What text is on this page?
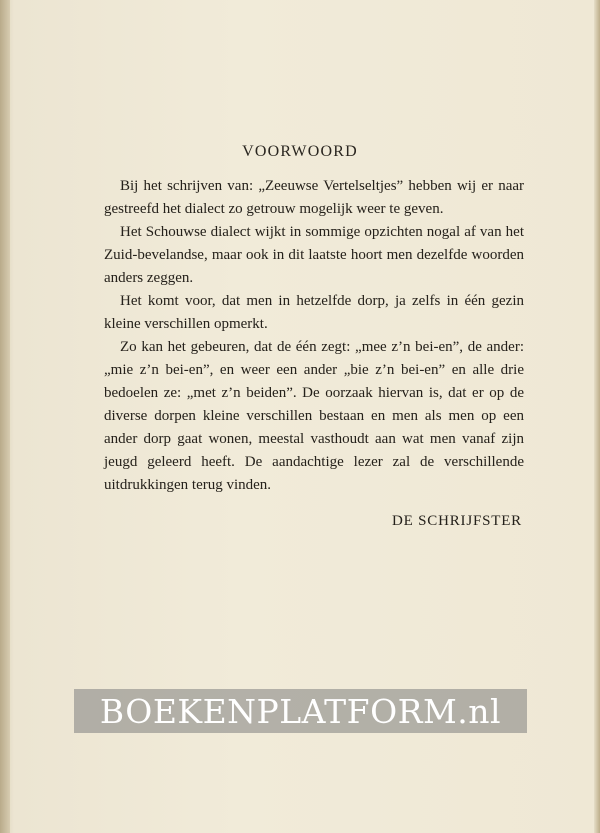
VOORWOORD

Bij het schrijven van: „Zeeuwse Vertelseltjes” hebben wij er naar gestreefd het dialect zo getrouw mogelijk weer te geven.

Het Schouwse dialect wijkt in sommige opzichten nogal af van het Zuid-bevelandse, maar ook in dit laatste hoort men dezelfde woorden anders zeggen.

Het komt voor, dat men in hetzelfde dorp, ja zelfs in één gezin kleine verschillen opmerkt.

Zo kan het gebeuren, dat de één zegt: „mee z’n bei-en”, de ander: „mie z’n bei-en”, en weer een ander „bie z’n bei-en” en alle drie bedoelen ze: „met z’n beiden”. De oorzaak hiervan is, dat er op de diverse dorpen kleine verschillen bestaan en men als men op een ander dorp gaat wonen, meestal vasthoudt aan wat men vanaf zijn jeugd geleerd heeft. De aandachtige lezer zal de verschillende uitdrukkingen terug vinden.

DE SCHRIJFSTER
BOEKENPLATFORM.nl
